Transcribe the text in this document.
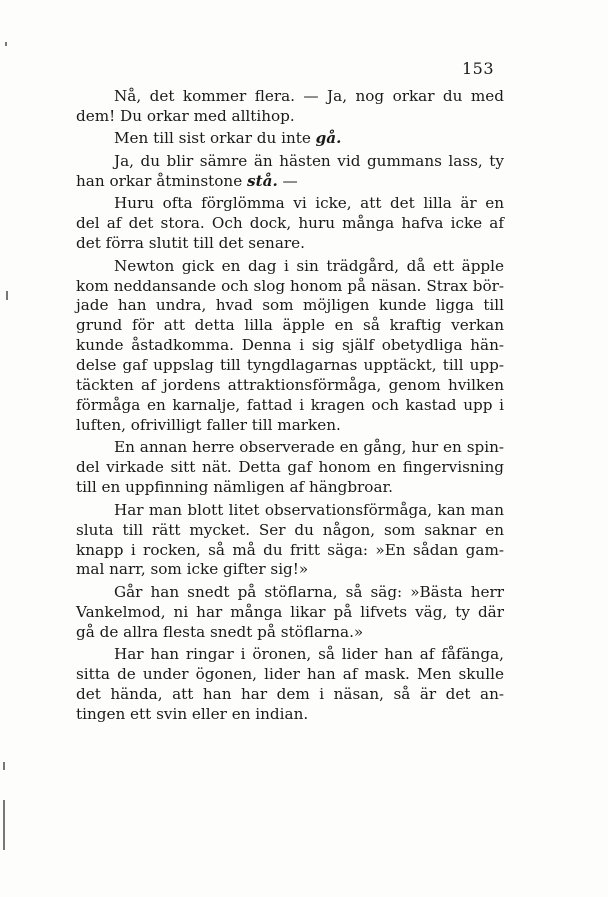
153

Nå, det kommer flera. — Ja, nog orkar du med
dem! Du orkar med alltihop.

Men till sist orkar du inte gå.

Ja, du blir sämre än hästen vid gummans lass, ty
han orkar åtminstone stå. —

Huru ofta förglömma vi icke, att det lilla är en
del af det stora. Och dock, huru många hafva icke af
det förra slutit till det senare.

Newton gick en dag i sin trädgård, då ett äpple
kom neddansande och slog honom på näsan. Strax bör-
jade han undra, hvad som möjligen kunde ligga till
grund för att detta lilla äpple en så kraftig verkan
kunde åstadkomma. Denna i sig själf obetydliga hän-
delse gaf uppslag till tyngdlagarnas upptäckt, till upp-
täckten af jordens attraktionsförmåga, genom hvilken
förmåga en karnalje, fattad i kragen och kastad upp i
luften, ofrivilligt faller till marken.

En annan herre observerade en gång, hur en spin-
del virkade sitt nät. Detta gaf honom en fingervisning
till en uppfinning nämligen af hängbroar.

Har man blott litet observationsförmåga, kan man
sluta till rätt mycket. Ser du någon, som saknar en
knapp i rocken, så må du fritt säga: »En sådan gam-
mal narr, som icke gifter sig!»

Går han snedt på stöflarna, så säg: »Bästa herr
Vankelmod, ni har många likar på lifvets väg, ty där
gå de allra flesta snedt på stöflarna.»

Har han ringar i öronen, så lider han af fåfänga,
sitta de under ögonen, lider han af mask. Men skulle
det hända, att han har dem i näsan, så är det an-
tingen ett svin eller en indian.
